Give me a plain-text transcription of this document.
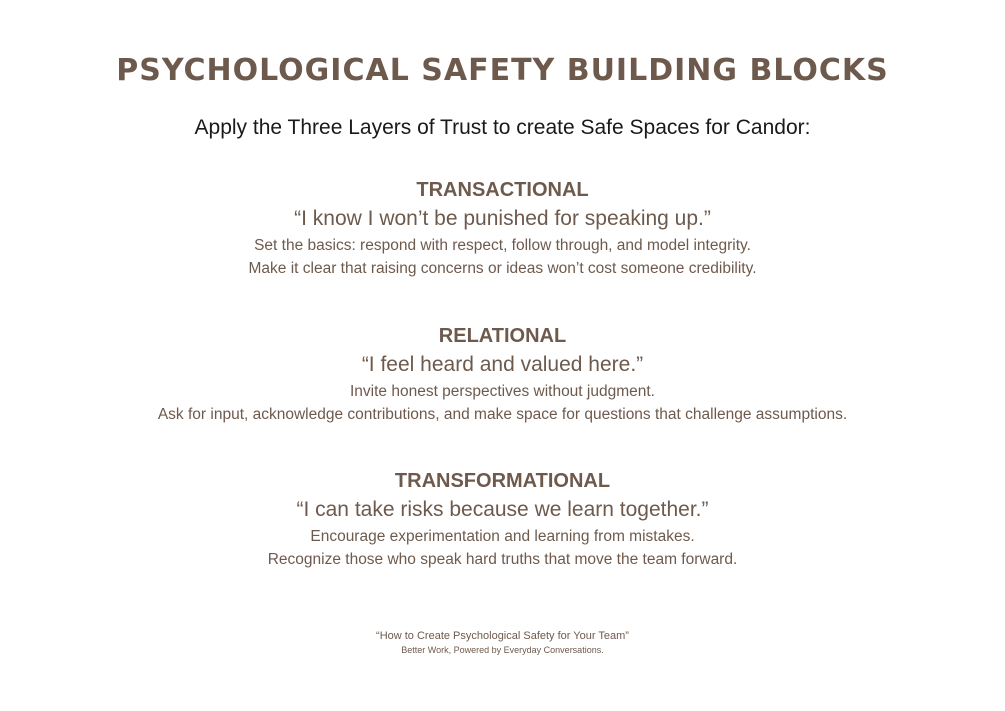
PSYCHOLOGICAL SAFETY BUILDING BLOCKS

Apply the Three Layers of Trust to create Safe Spaces for Candor:

TRANSACTIONAL

“I know I won’t be punished for speaking up.”

Set the basics: respond with respect, follow through, and model integrity.

Make it clear that raising concerns or ideas won’t cost someone credibility.

RELATIONAL

“I feel heard and valued here.”

Invite honest perspectives without judgment.

Ask for input, acknowledge contributions, and make space for questions that challenge assumptions.

TRANSFORMATIONAL

“I can take risks because we learn together.”

Encourage experimentation and learning from mistakes.

Recognize those who speak hard truths that move the team forward.

“How to Create Psychological Safety for Your Team”

Better Work, Powered by Everyday Conversations.
